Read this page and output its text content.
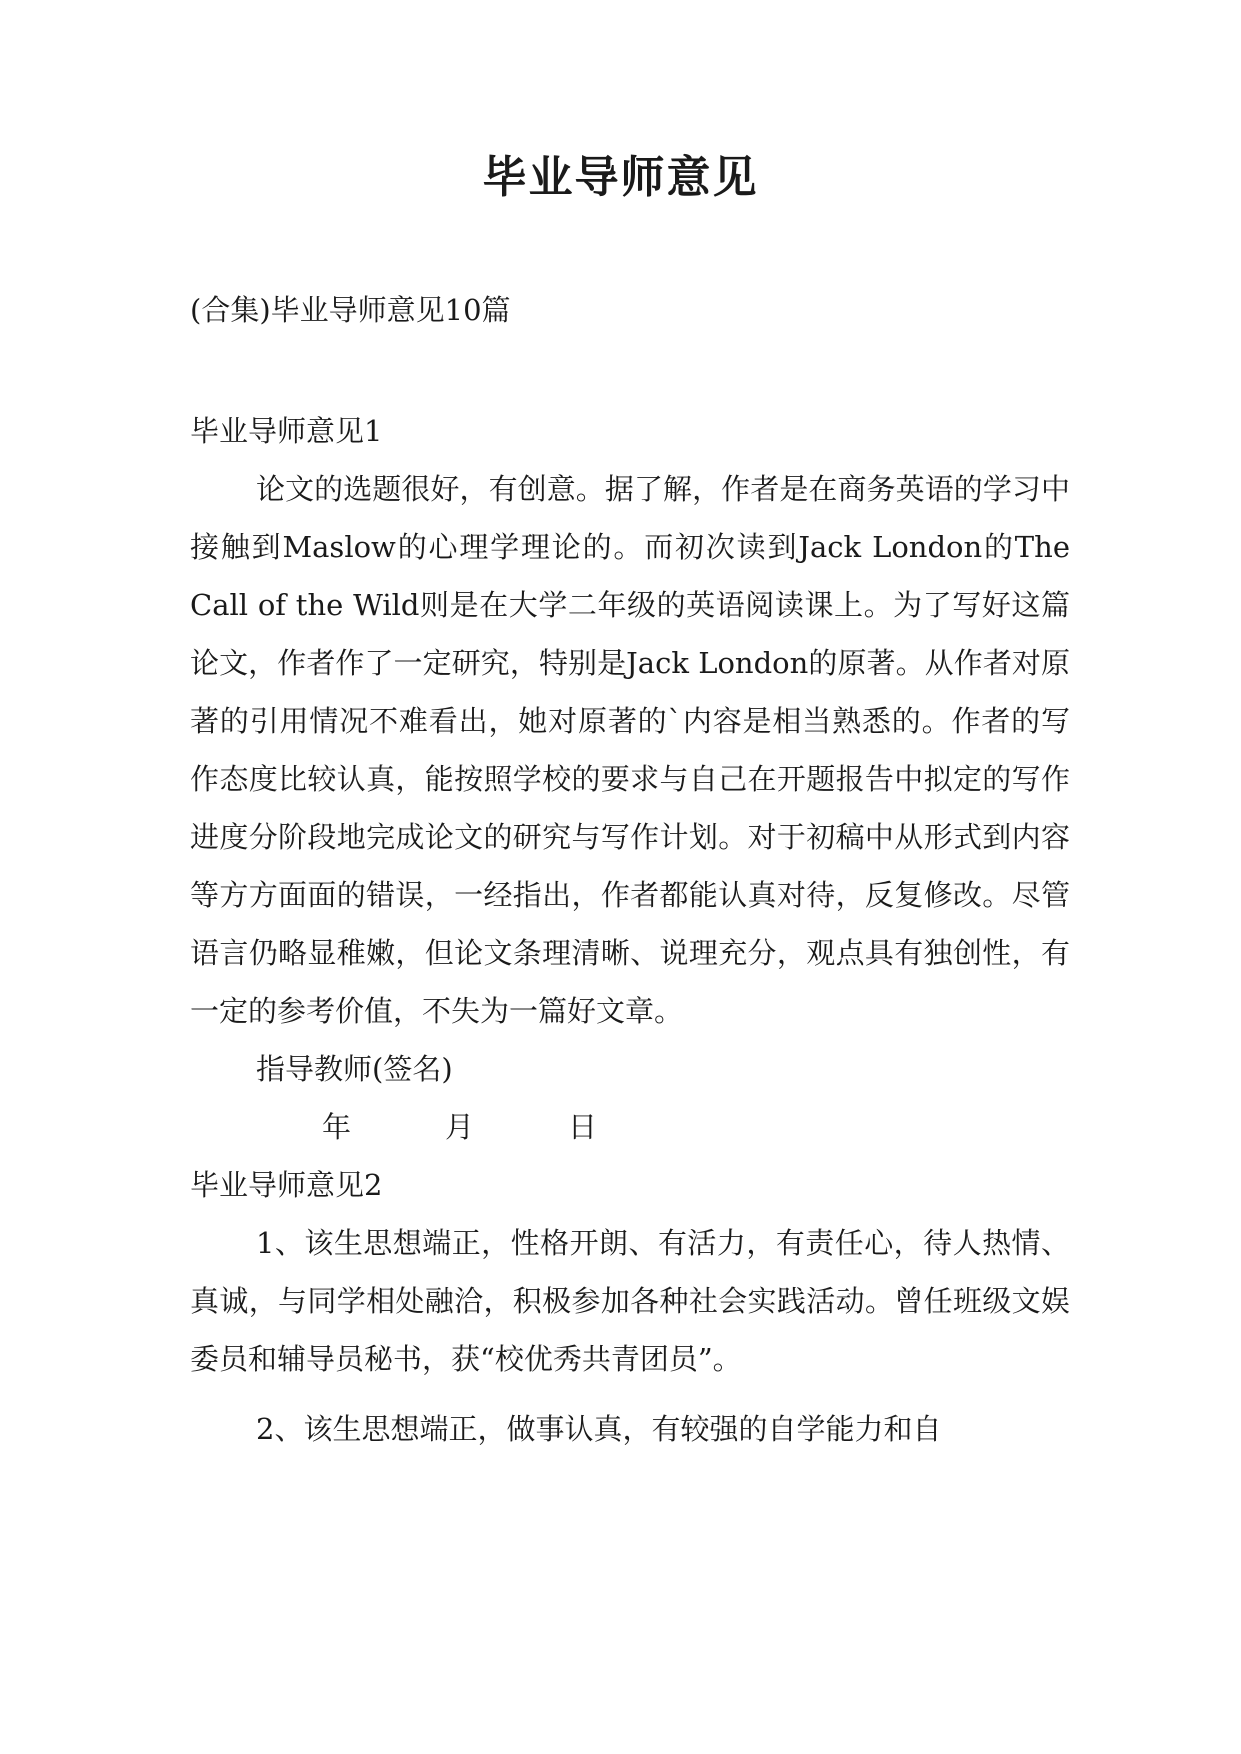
毕业导师意见
(合集)毕业导师意见10篇

毕业导师意见1

论文的选题很好，有创意。据了解，作者是在商务英语的学习中接触到Maslow的心理学理论的。而初次读到Jack London的The Call of the Wild则是在大学二年级的英语阅读课上。为了写好这篇论文，作者作了一定研究，特别是Jack London的原著。从作者对原著的引用情况不难看出，她对原著的`内容是相当熟悉的。作者的写作态度比较认真，能按照学校的要求与自己在开题报告中拟定的写作进度分阶段地完成论文的研究与写作计划。对于初稿中从形式到内容等方方面面的错误，一经指出，作者都能认真对待，反复修改。尽管语言仍略显稚嫩，但论文条理清晰、说理充分，观点具有独创性，有一定的参考价值，不失为一篇好文章。

指导教师(签名)

年	月	日

毕业导师意见2

1、该生思想端正，性格开朗、有活力，有责任心，待人热情、真诚，与同学相处融洽，积极参加各种社会实践活动。曾任班级文娱委员和辅导员秘书，获“校优秀共青团员”。

2、该生思想端正，做事认真，有较强的自学能力和自
